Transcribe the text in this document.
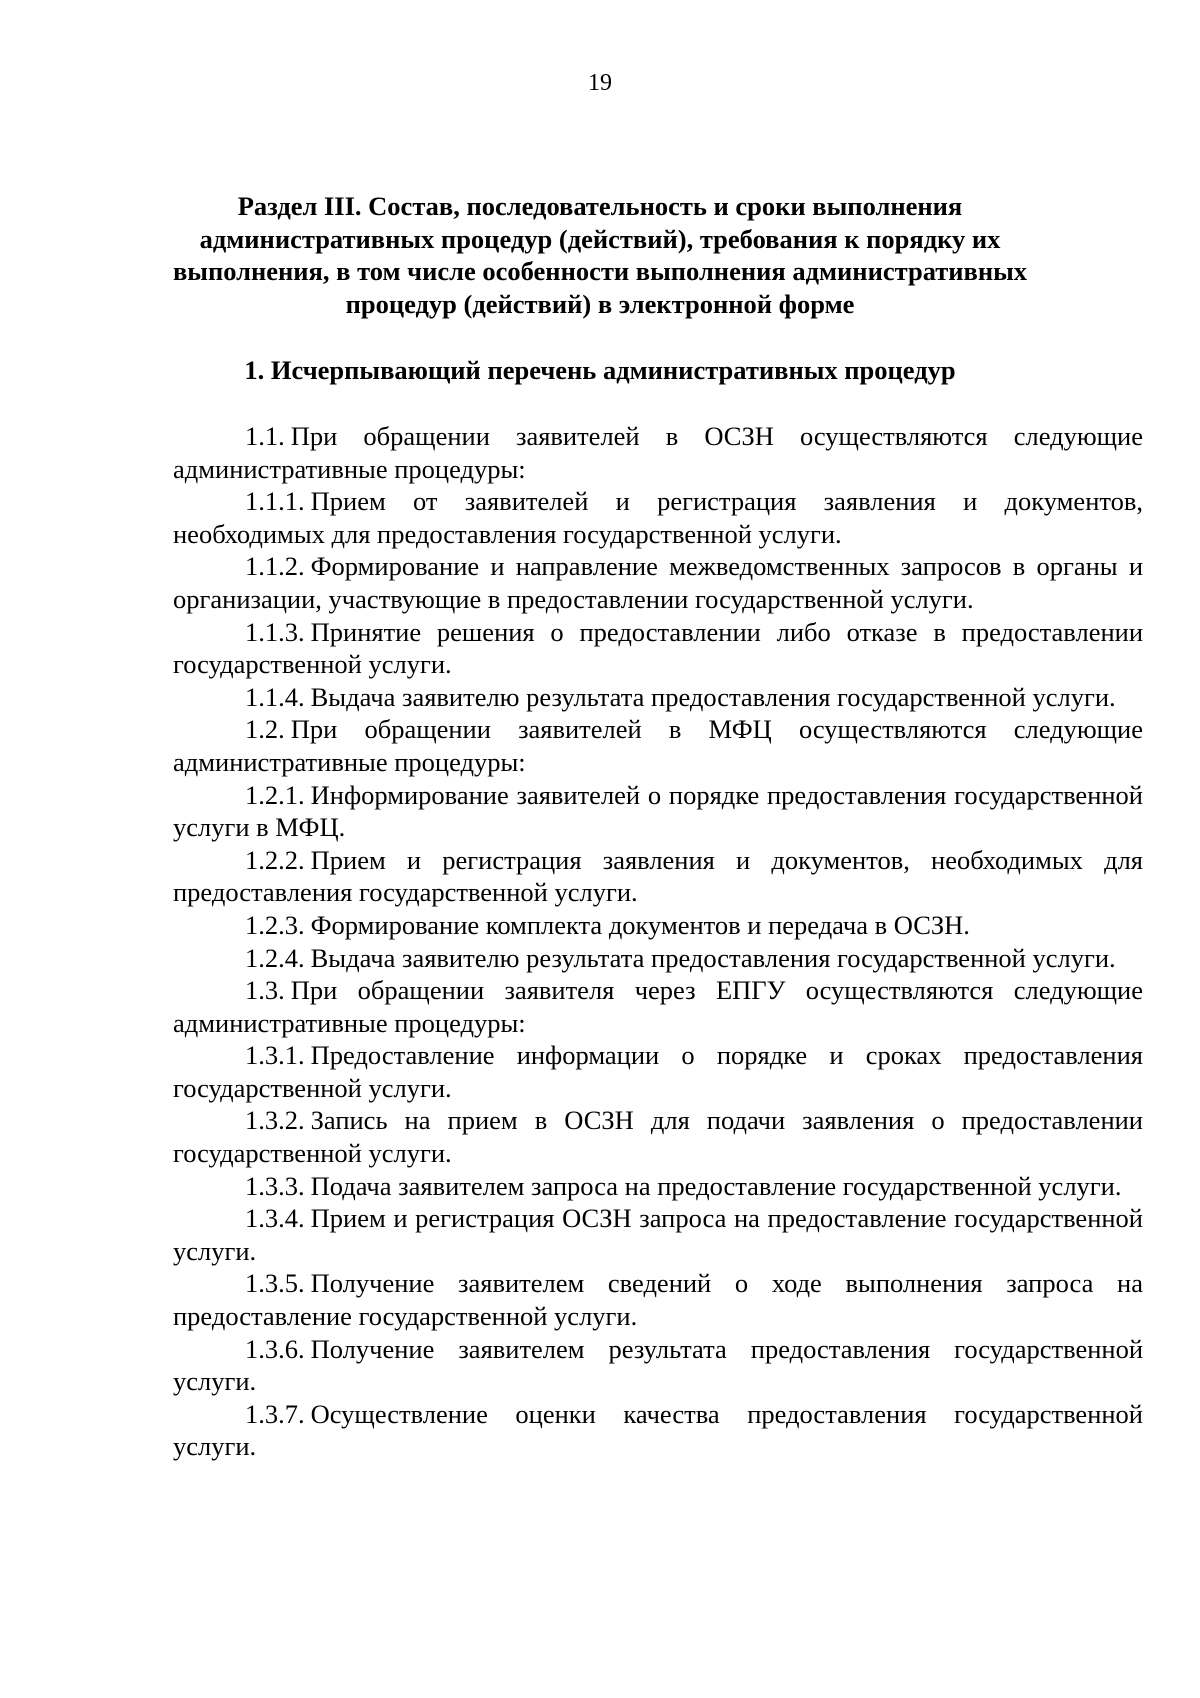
19
Раздел III. Состав, последовательность и сроки выполнения административных процедур (действий), требования к порядку их выполнения, в том числе особенности выполнения административных процедур (действий) в электронной форме
1. Исчерпывающий перечень административных процедур

1.1. При обращении заявителей в ОСЗН осуществляются следующие административные процедуры:

1.1.1. Прием от заявителей и регистрация заявления и документов, необходимых для предоставления государственной услуги.

1.1.2. Формирование и направление межведомственных запросов в органы и организации, участвующие в предоставлении государственной услуги.

1.1.3. Принятие решения о предоставлении либо отказе в предоставлении государственной услуги.

1.1.4. Выдача заявителю результата предоставления государственной услуги.

1.2. При обращении заявителей в МФЦ осуществляются следующие административные процедуры:

1.2.1. Информирование заявителей о порядке предоставления государственной услуги в МФЦ.

1.2.2. Прием и регистрация заявления и документов, необходимых для предоставления государственной услуги.

1.2.3. Формирование комплекта документов и передача в ОСЗН.

1.2.4. Выдача заявителю результата предоставления государственной услуги.

1.3. При обращении заявителя через ЕПГУ осуществляются следующие административные процедуры:

1.3.1. Предоставление информации о порядке и сроках предоставления государственной услуги.

1.3.2. Запись на прием в ОСЗН для подачи заявления о предоставлении государственной услуги.

1.3.3. Подача заявителем запроса на предоставление государственной услуги.

1.3.4. Прием и регистрация ОСЗН запроса на предоставление государственной услуги.

1.3.5. Получение заявителем сведений о ходе выполнения запроса на предоставление государственной услуги.

1.3.6. Получение заявителем результата предоставления государственной услуги.

1.3.7. Осуществление оценки качества предоставления государственной услуги.
